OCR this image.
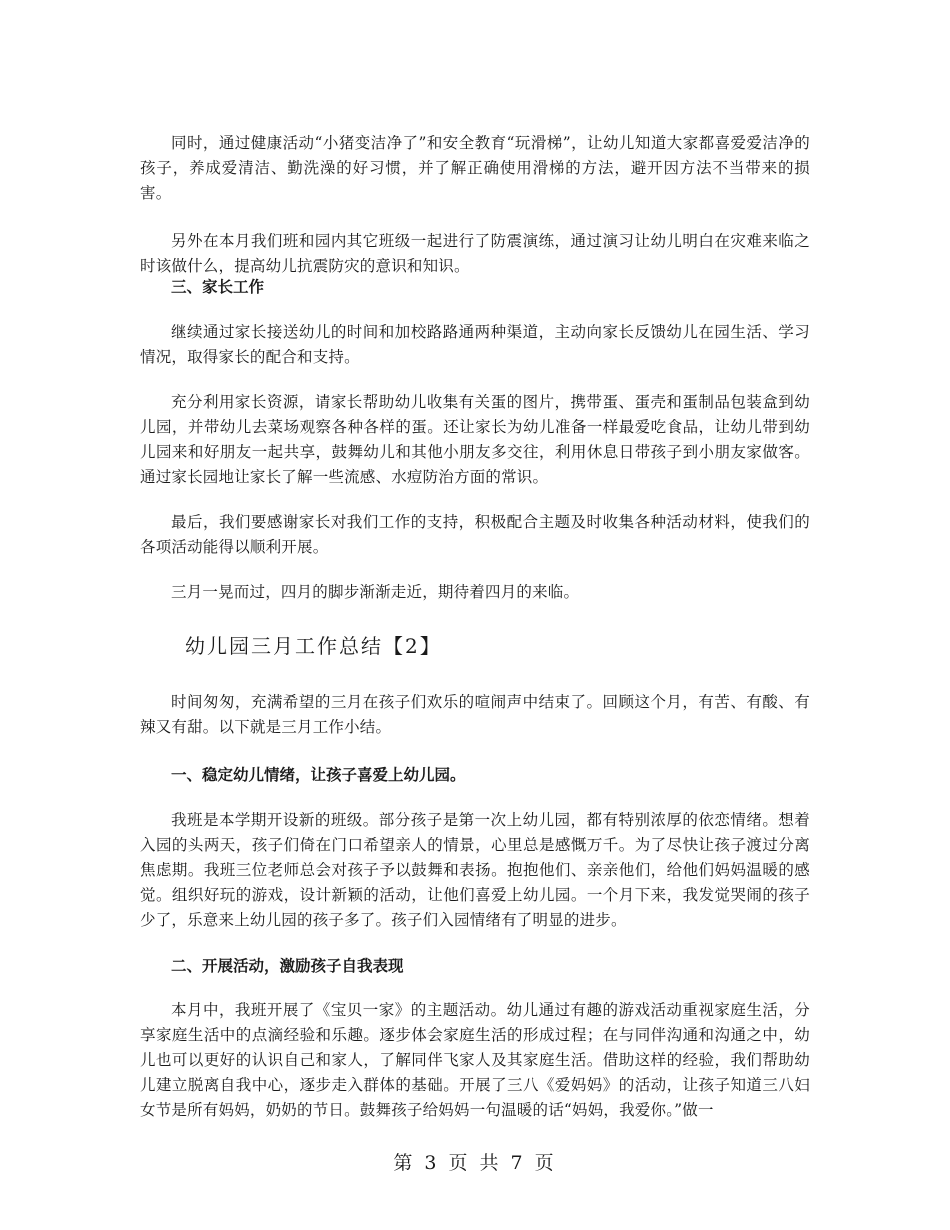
同时，通过健康活动“小猪变洁净了”和安全教育“玩滑梯”，让幼儿知道大家都喜爱爱洁净的孩子，养成爱清洁、勤洗澡的好习惯，并了解正确使用滑梯的方法，避开因方法不当带来的损害。

另外在本月我们班和园内其它班级一起进行了防震演练，通过演习让幼儿明白在灾难来临之时该做什么，提高幼儿抗震防灾的意识和知识。

三、家长工作

继续通过家长接送幼儿的时间和加校路路通两种渠道，主动向家长反馈幼儿在园生活、学习情况，取得家长的配合和支持。

充分利用家长资源，请家长帮助幼儿收集有关蛋的图片，携带蛋、蛋壳和蛋制品包装盒到幼儿园，并带幼儿去菜场观察各种各样的蛋。还让家长为幼儿准备一样最爱吃食品，让幼儿带到幼儿园来和好朋友一起共享，鼓舞幼儿和其他小朋友多交往，利用休息日带孩子到小朋友家做客。通过家长园地让家长了解一些流感、水痘防治方面的常识。

最后，我们要感谢家长对我们工作的支持，积极配合主题及时收集各种活动材料，使我们的各项活动能得以顺利开展。

三月一晃而过，四月的脚步渐渐走近，期待着四月的来临。

幼儿园三月工作总结【2】

时间匆匆，充满希望的三月在孩子们欢乐的喧闹声中结束了。回顾这个月，有苦、有酸、有辣又有甜。以下就是三月工作小结。

一、稳定幼儿情绪，让孩子喜爱上幼儿园。

我班是本学期开设新的班级。部分孩子是第一次上幼儿园，都有特别浓厚的依恋情绪。想着入园的头两天，孩子们倚在门口希望亲人的情景，心里总是感慨万千。为了尽快让孩子渡过分离焦虑期。我班三位老师总会对孩子予以鼓舞和表扬。抱抱他们、亲亲他们，给他们妈妈温暖的感觉。组织好玩的游戏，设计新颖的活动，让他们喜爱上幼儿园。一个月下来，我发觉哭闹的孩子少了，乐意来上幼儿园的孩子多了。孩子们入园情绪有了明显的进步。

二、开展活动，激励孩子自我表现

本月中，我班开展了《宝贝一家》的主题活动。幼儿通过有趣的游戏活动重视家庭生活，分享家庭生活中的点滴经验和乐趣。逐步体会家庭生活的形成过程；在与同伴沟通和沟通之中，幼儿也可以更好的认识自己和家人，了解同伴飞家人及其家庭生活。借助这样的经验，我们帮助幼儿建立脱离自我中心，逐步走入群体的基础。开展了三八《爱妈妈》的活动，让孩子知道三八妇女节是所有妈妈，奶奶的节日。鼓舞孩子给妈妈一句温暖的话“妈妈，我爱你。”做一

第 3 页 共 7 页
